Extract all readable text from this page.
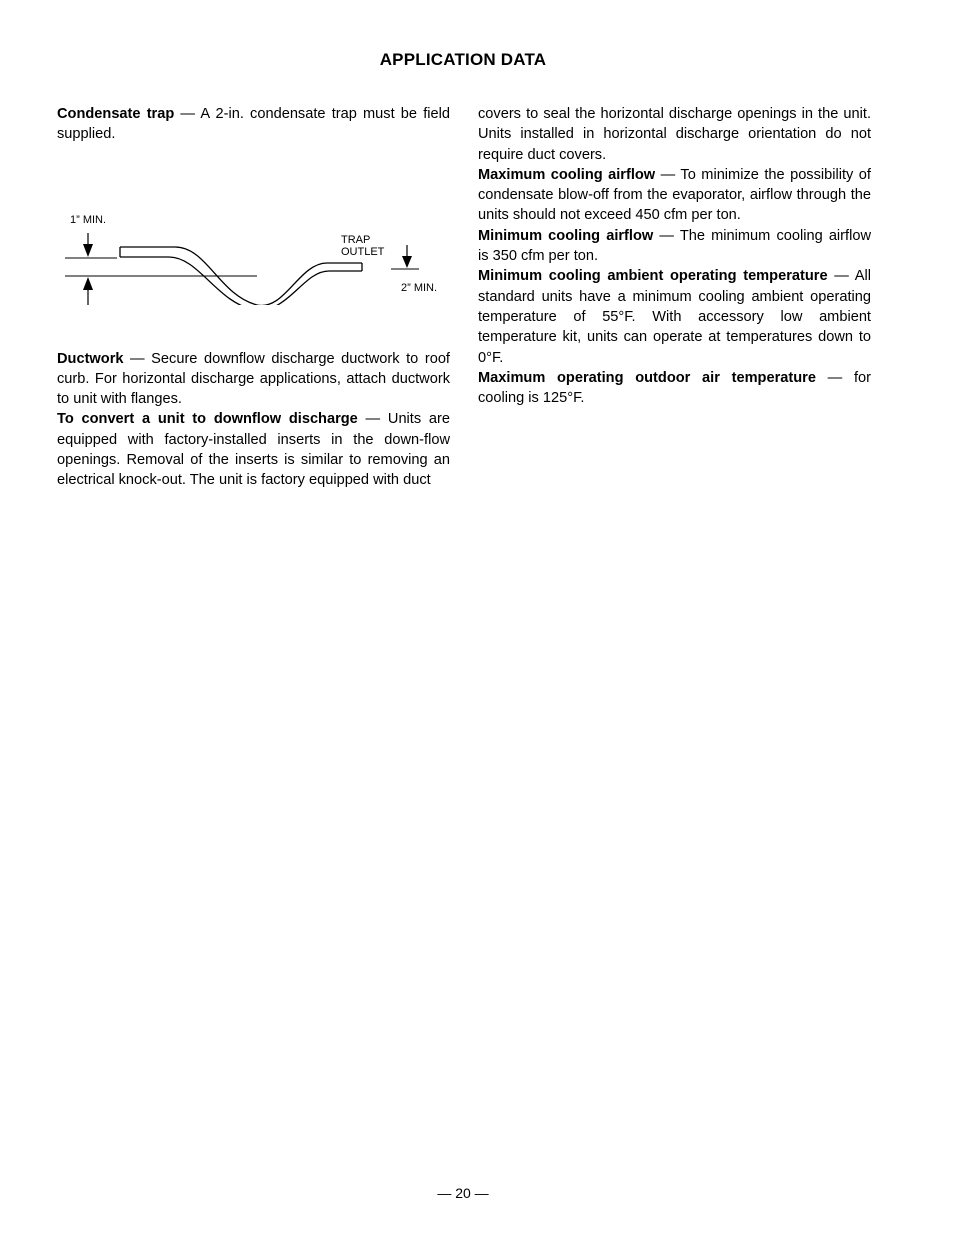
APPLICATION DATA

Condensate trap — A 2-in. condensate trap must be field supplied.

1” MIN.
TRAP
OUTLET
2” MIN.

Ductwork — Secure downflow discharge ductwork to roof curb. For horizontal discharge applications, attach ductwork to unit with flanges.

To convert a unit to downflow discharge — Units are equipped with factory-installed inserts in the down-flow openings. Removal of the inserts is similar to removing an electrical knock-out. The unit is factory equipped with duct

covers to seal the horizontal discharge openings in the unit. Units installed in horizontal discharge orientation do not require duct covers.

Maximum cooling airflow — To minimize the possibility of condensate blow-off from the evaporator, airflow through the units should not exceed 450 cfm per ton.

Minimum cooling airflow — The minimum cooling airflow is 350 cfm per ton.

Minimum cooling ambient operating temperature — All standard units have a minimum cooling ambient operating temperature of 55°F. With accessory low ambient temperature kit, units can operate at temperatures down to 0°F.

Maximum operating outdoor air temperature — for cooling is 125°F.

— 20 —
